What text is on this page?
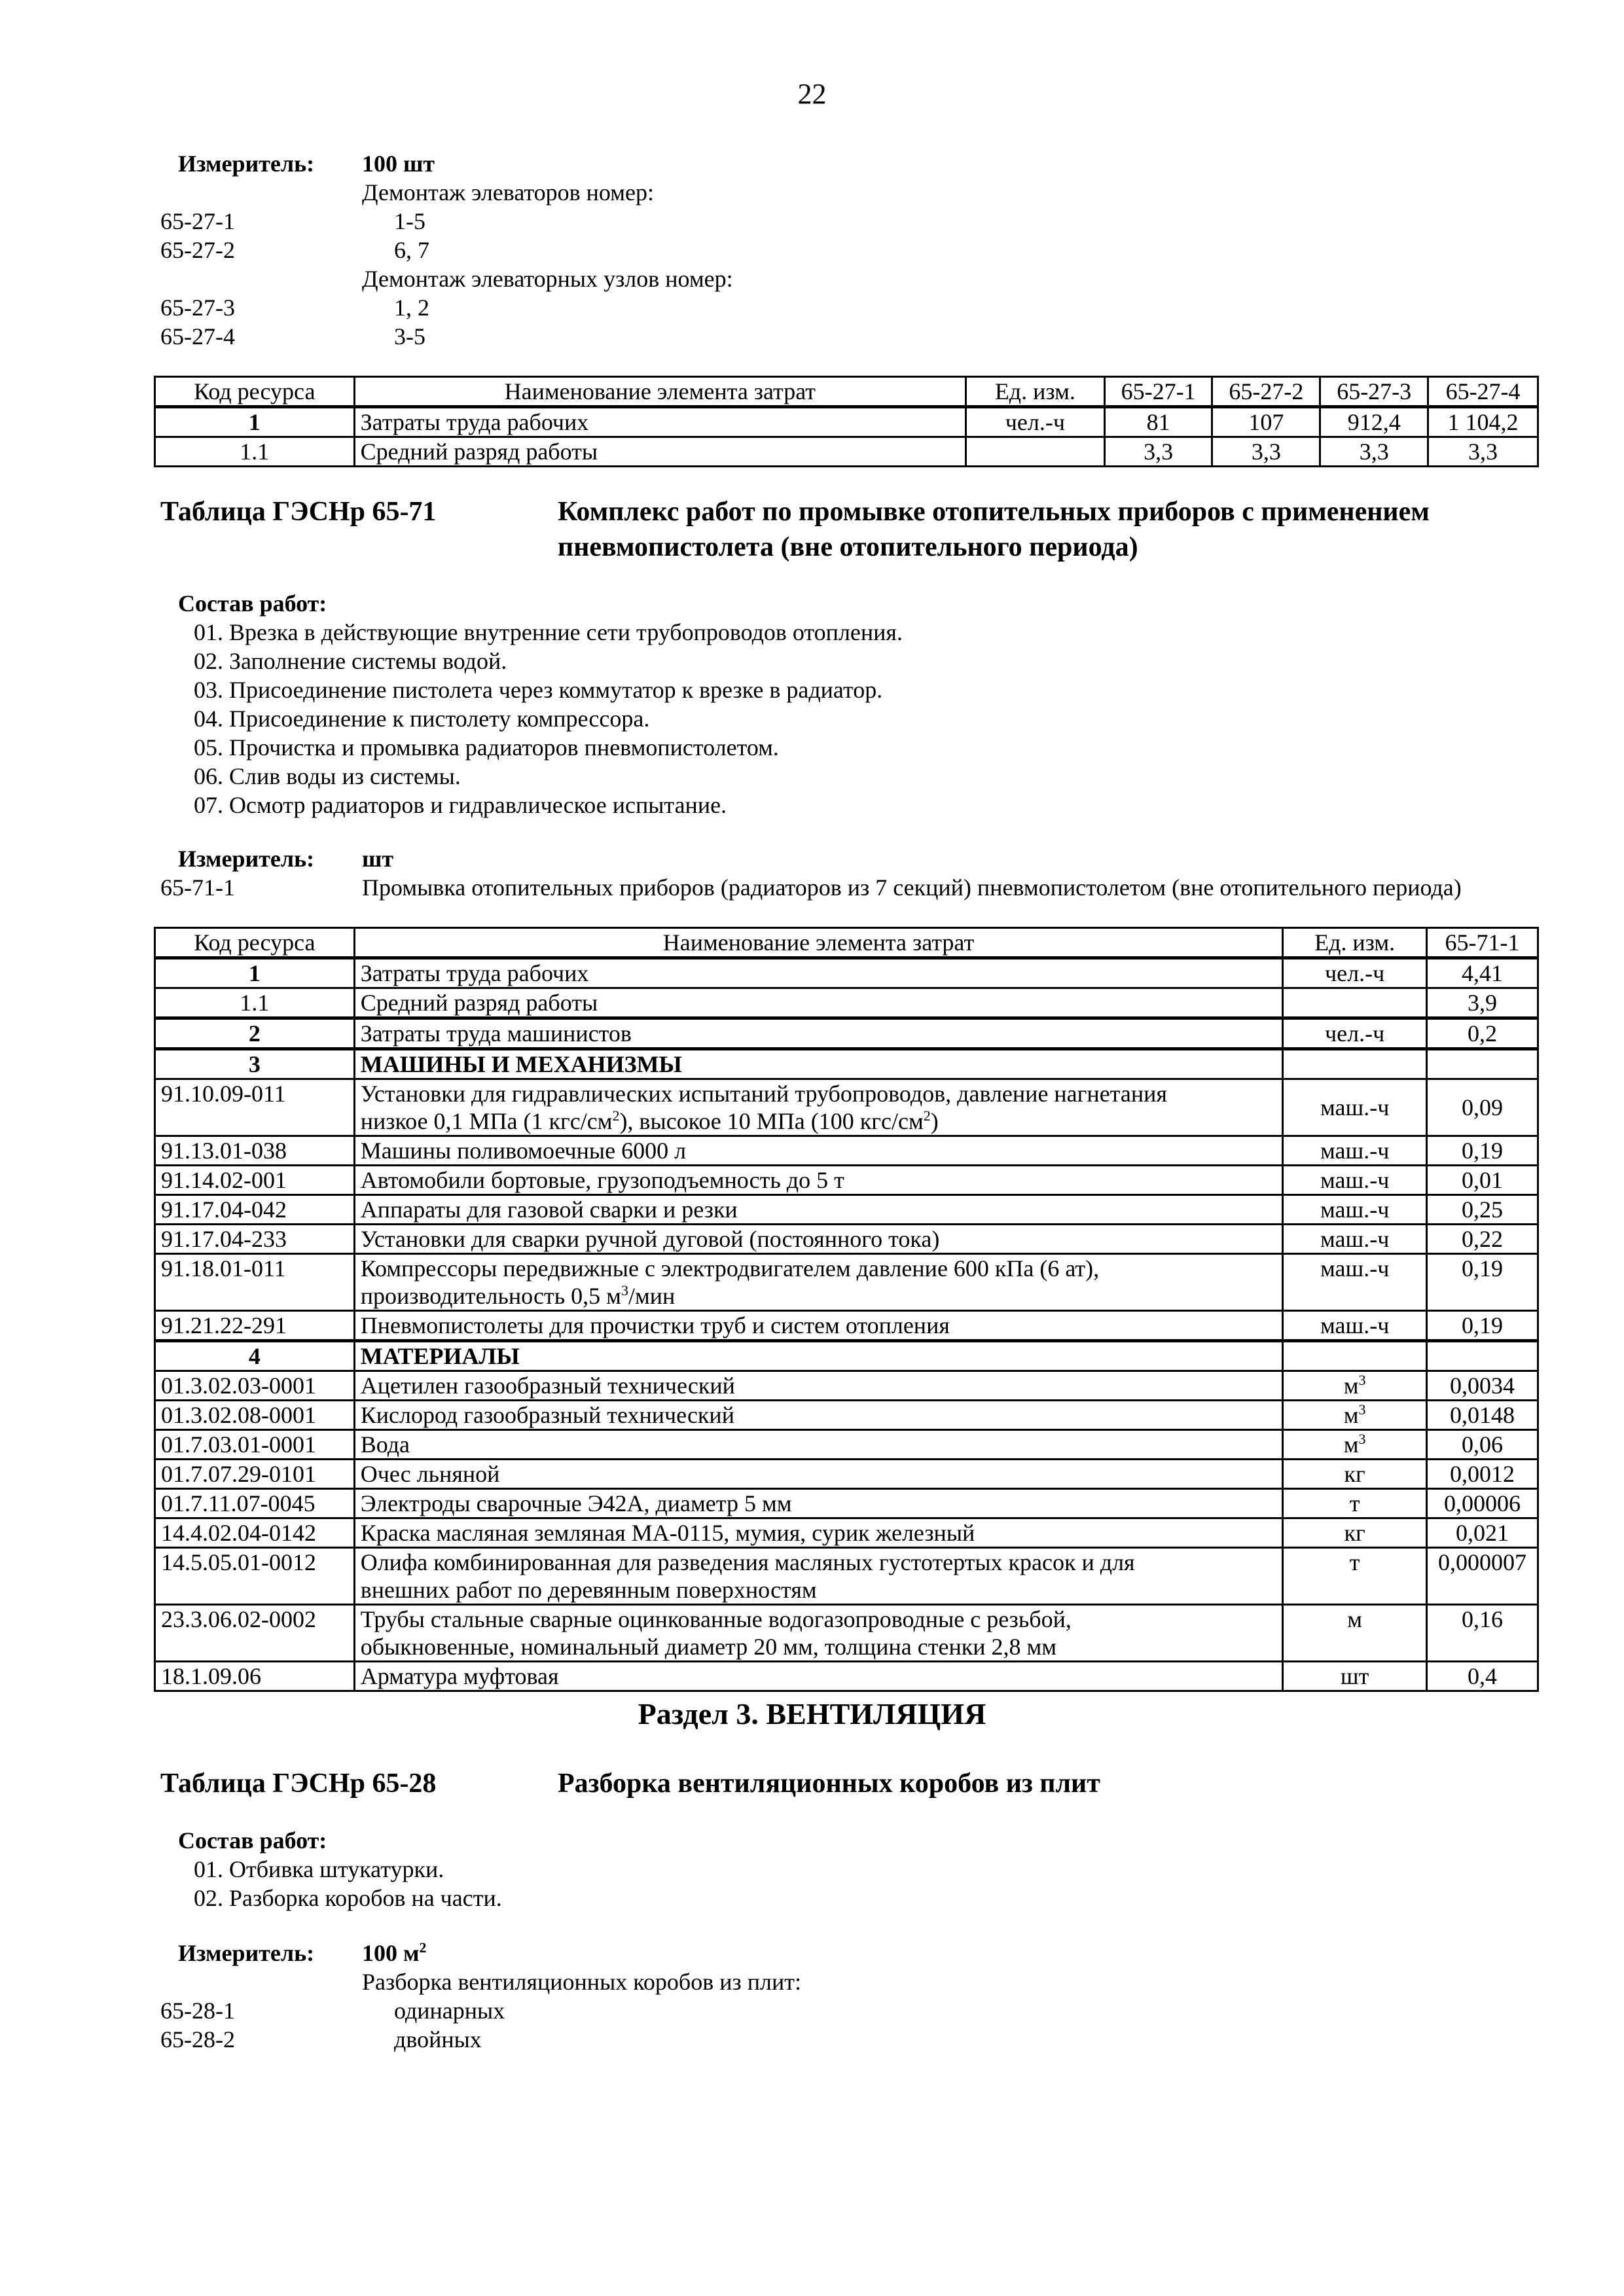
22
Измеритель: 100 шт
Демонтаж элеваторов номер:
65-27-1	1-5
65-27-2	6, 7
Демонтаж элеваторных узлов номер:
65-27-3	1, 2
65-27-4	3-5
Код ресурса	Наименование элемента затрат	Ед. изм.	65-27-1	65-27-2	65-27-3	65-27-4
1	Затраты труда рабочих	чел.-ч	81	107	912,4	1 104,2
1.1	Средний разряд работы		3,3	3,3	3,3	3,3
Таблица ГЭСНр 65-71	Комплекс работ по промывке отопительных приборов с применением
пневмопистолета (вне отопительного периода)
Состав работ:
01. Врезка в действующие внутренние сети трубопроводов отопления.
02. Заполнение системы водой.
03. Присоединение пистолета через коммутатор к врезке в радиатор.
04. Присоединение к пистолету компрессора.
05. Прочистка и промывка радиаторов пневмопистолетом.
06. Слив воды из системы.
07. Осмотр радиаторов и гидравлическое испытание.
Измеритель: шт
65-71-1	Промывка отопительных приборов (радиаторов из 7 секций) пневмопистолетом (вне отопительного периода)
Код ресурса	Наименование элемента затрат	Ед. изм.	65-71-1
1	Затраты труда рабочих	чел.-ч	4,41
1.1	Средний разряд работы		3,9
2	Затраты труда машинистов	чел.-ч	0,2
3	МАШИНЫ И МЕХАНИЗМЫ		
91.10.09-011	Установки для гидравлических испытаний трубопроводов, давление нагнетания
низкое 0,1 МПа (1 кгс/$см^2$), высокое 10 МПа (100 кгс/$см^2$)	маш.-ч	0,09
91.13.01-038	Машины поливомоечные 6000 л	маш.-ч	0,19
91.14.02-001	Автомобили бортовые, грузоподъемность до 5 т	маш.-ч	0,01
91.17.04-042	Аппараты для газовой сварки и резки	маш.-ч	0,25
91.17.04-233	Установки для сварки ручной дуговой (постоянного тока)	маш.-ч	0,22
91.18.01-011	Компрессоры передвижные с электродвигателем давление 600 кПа (6 ат),
производительность 0,5 $м^3$/мин	маш.-ч	0,19
91.21.22-291	Пневмопистолеты для прочистки труб и систем отопления	маш.-ч	0,19
4	МАТЕРИАЛЫ		
01.3.02.03-0001	Ацетилен газообразный технический	$м^3$	0,0034
01.3.02.08-0001	Кислород газообразный технический	$м^3$	0,0148
01.7.03.01-0001	Вода	$м^3$	0,06
01.7.07.29-0101	Очес льняной	кг	0,0012
01.7.11.07-0045	Электроды сварочные Э42А, диаметр 5 мм	т	0,00006
14.4.02.04-0142	Краска масляная земляная МА-0115, мумия, сурик железный	кг	0,021
14.5.05.01-0012	Олифа комбинированная для разведения масляных густотертых красок и для
внешних работ по деревянным поверхностям	т	0,000007
23.3.06.02-0002	Трубы стальные сварные оцинкованные водогазопроводные с резьбой,
обыкновенные, номинальный диаметр 20 мм, толщина стенки 2,8 мм	м	0,16
18.1.09.06	Арматура муфтовая	шт	0,4
Раздел 3. ВЕНТИЛЯЦИЯ
Таблица ГЭСНр 65-28	Разборка вентиляционных коробов из плит
Состав работ:
01. Отбивка штукатурки.
02. Разборка коробов на части.
Измеритель: 100 $м^2$
Разборка вентиляционных коробов из плит:
65-28-1	одинарных
65-28-2	двойных
